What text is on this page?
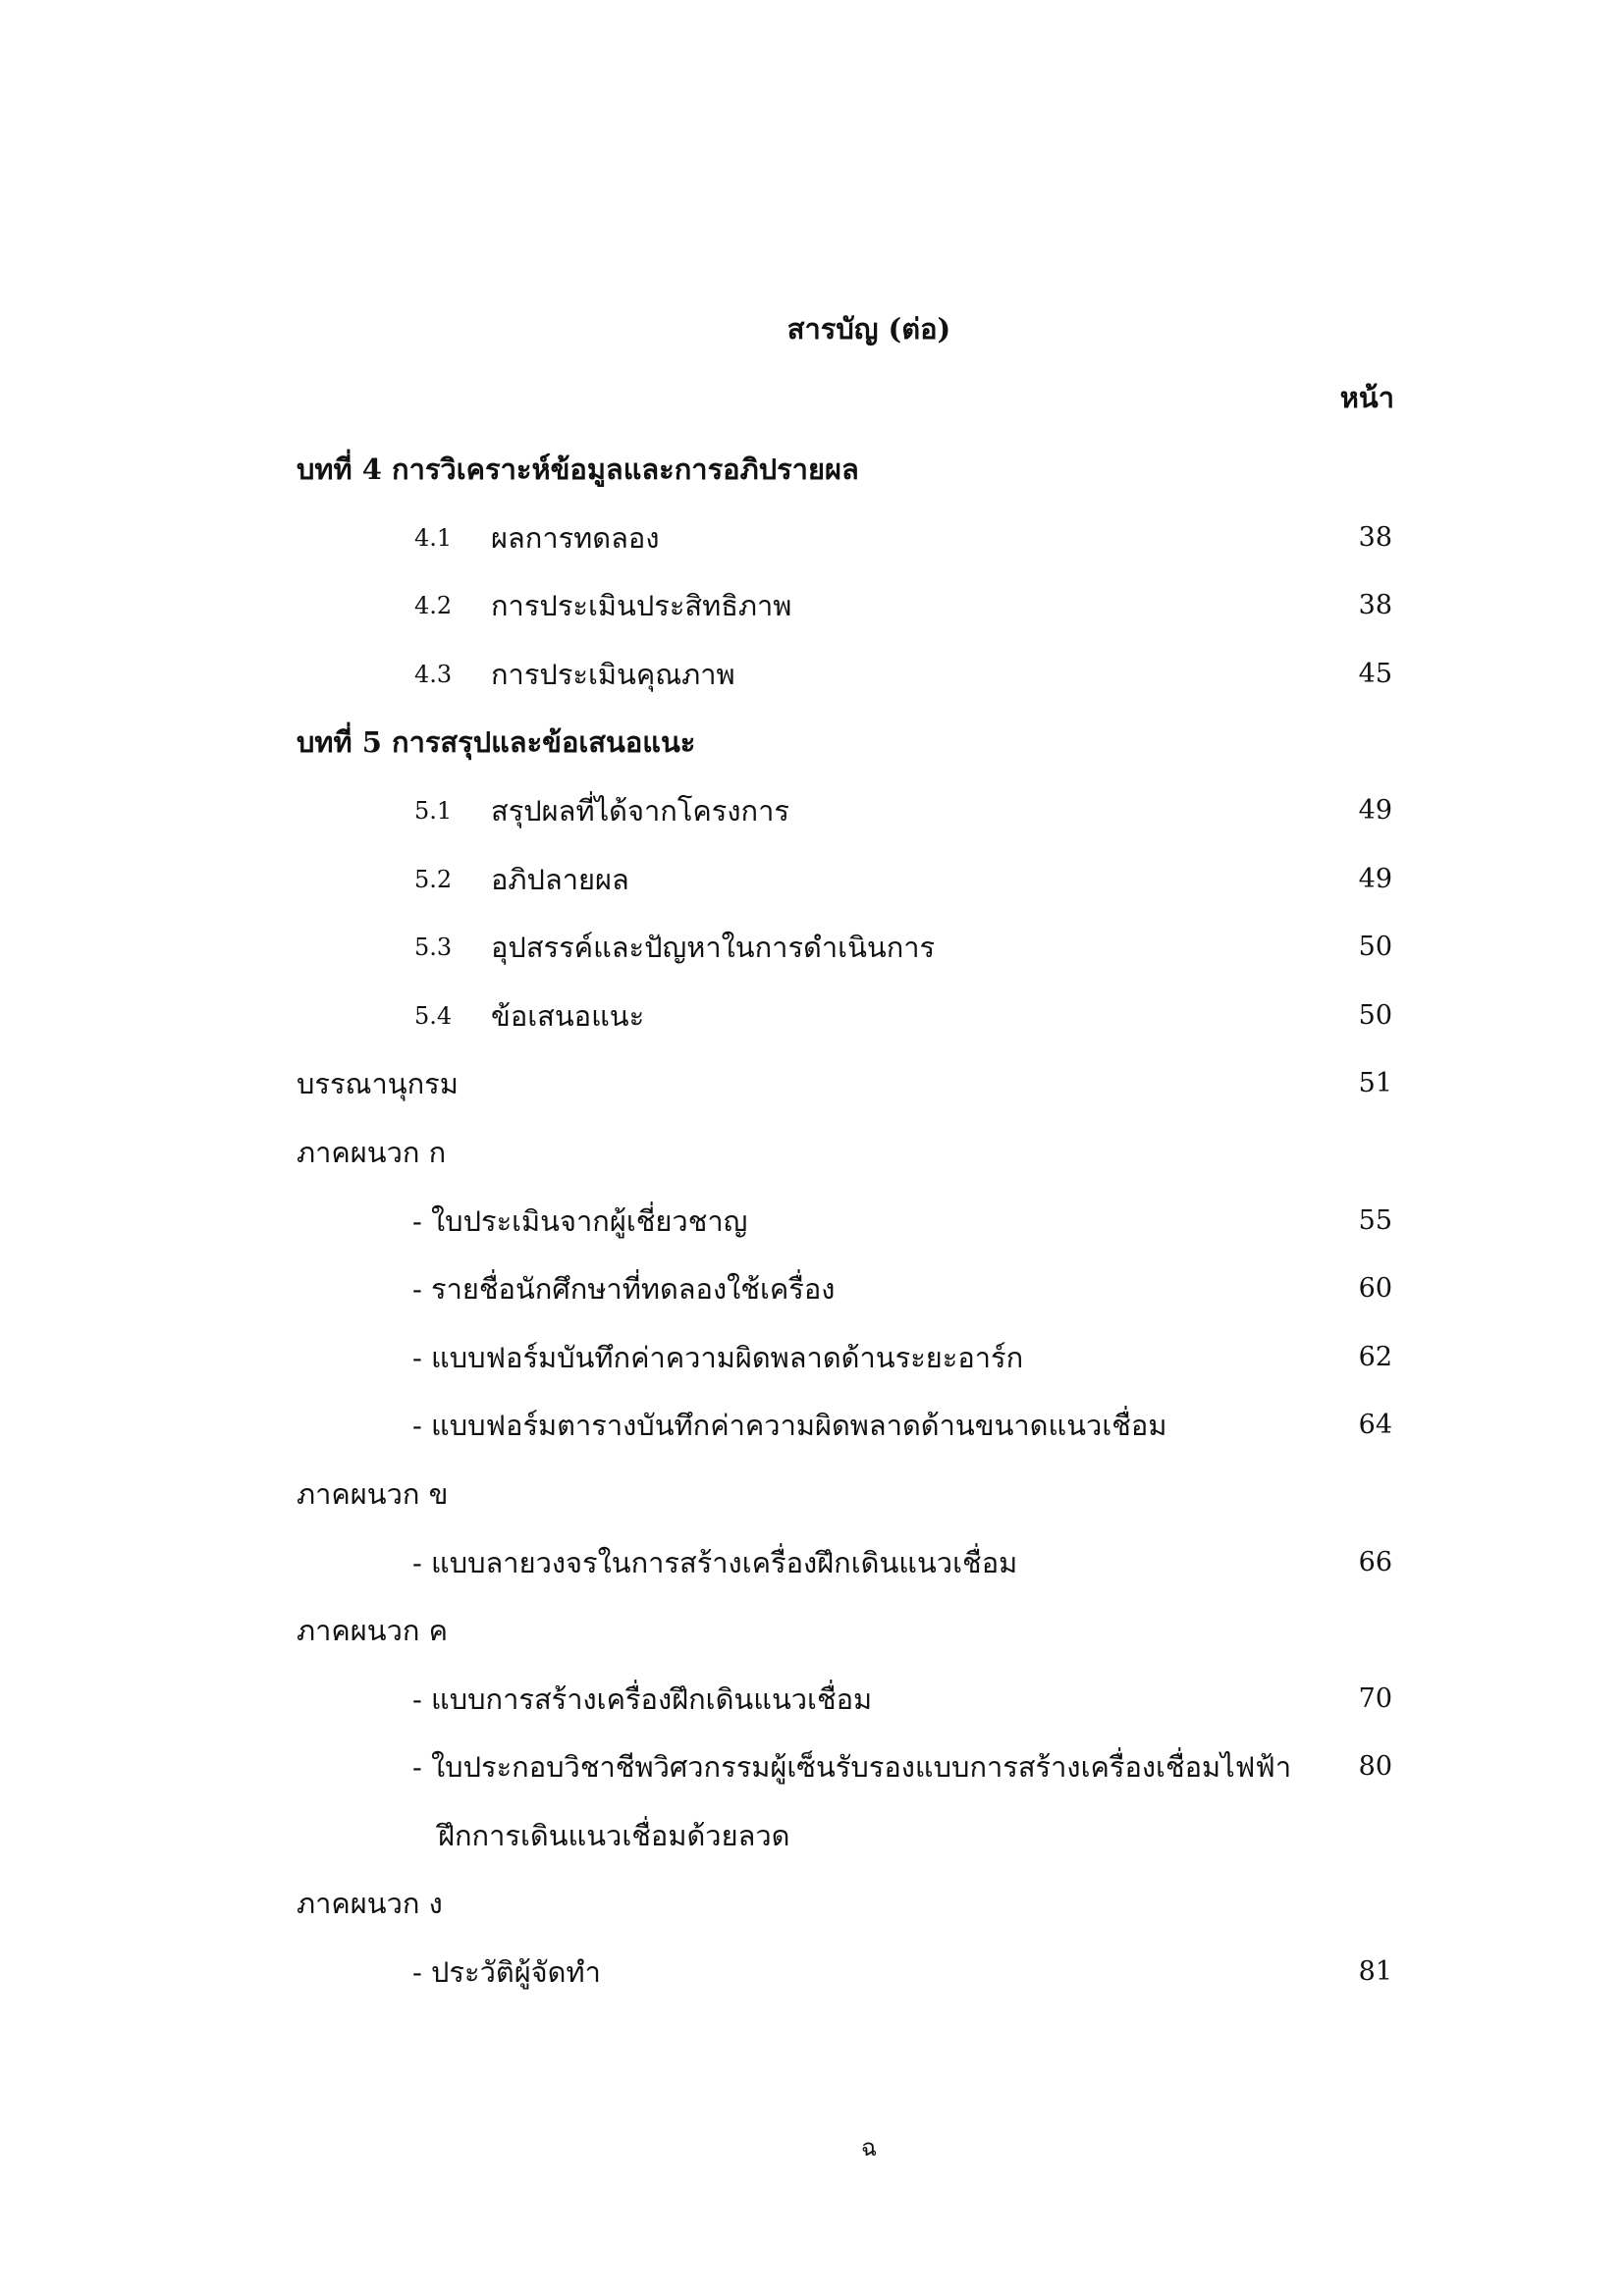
สารบัญ (ต่อ)
หน้า
บทที่ 4 การวิเคราะห์ข้อมูลและการอภิปรายผล
4.1 ผลการทดลอง	38
4.2 การประเมินประสิทธิภาพ	38
4.3 การประเมินคุณภาพ	45
บทที่ 5 การสรุปและข้อเสนอแนะ
5.1 สรุปผลที่ได้จากโครงการ	49
5.2 อภิปลายผล	49
5.3 อุปสรรค์และปัญหาในการดำเนินการ	50
5.4 ข้อเสนอแนะ	50
บรรณานุกรม	51
ภาคผนวก ก
- ใบประเมินจากผู้เชี่ยวชาญ	55
- รายชื่อนักศึกษาที่ทดลองใช้เครื่อง	60
- แบบฟอร์มบันทึกค่าความผิดพลาดด้านระยะอาร์ก	62
- แบบฟอร์มตารางบันทึกค่าความผิดพลาดด้านขนาดแนวเชื่อม	64
ภาคผนวก ข
- แบบลายวงจรในการสร้างเครื่องฝึกเดินแนวเชื่อม	66
ภาคผนวก ค
- แบบการสร้างเครื่องฝึกเดินแนวเชื่อม	70
- ใบประกอบวิชาชีพวิศวกรรมผู้เซ็นรับรองแบบการสร้างเครื่องเชื่อมไฟฟ้า	80
ฝึกการเดินแนวเชื่อมด้วยลวด
ภาคผนวก ง
- ประวัติผู้จัดทำ	81
ฉ
